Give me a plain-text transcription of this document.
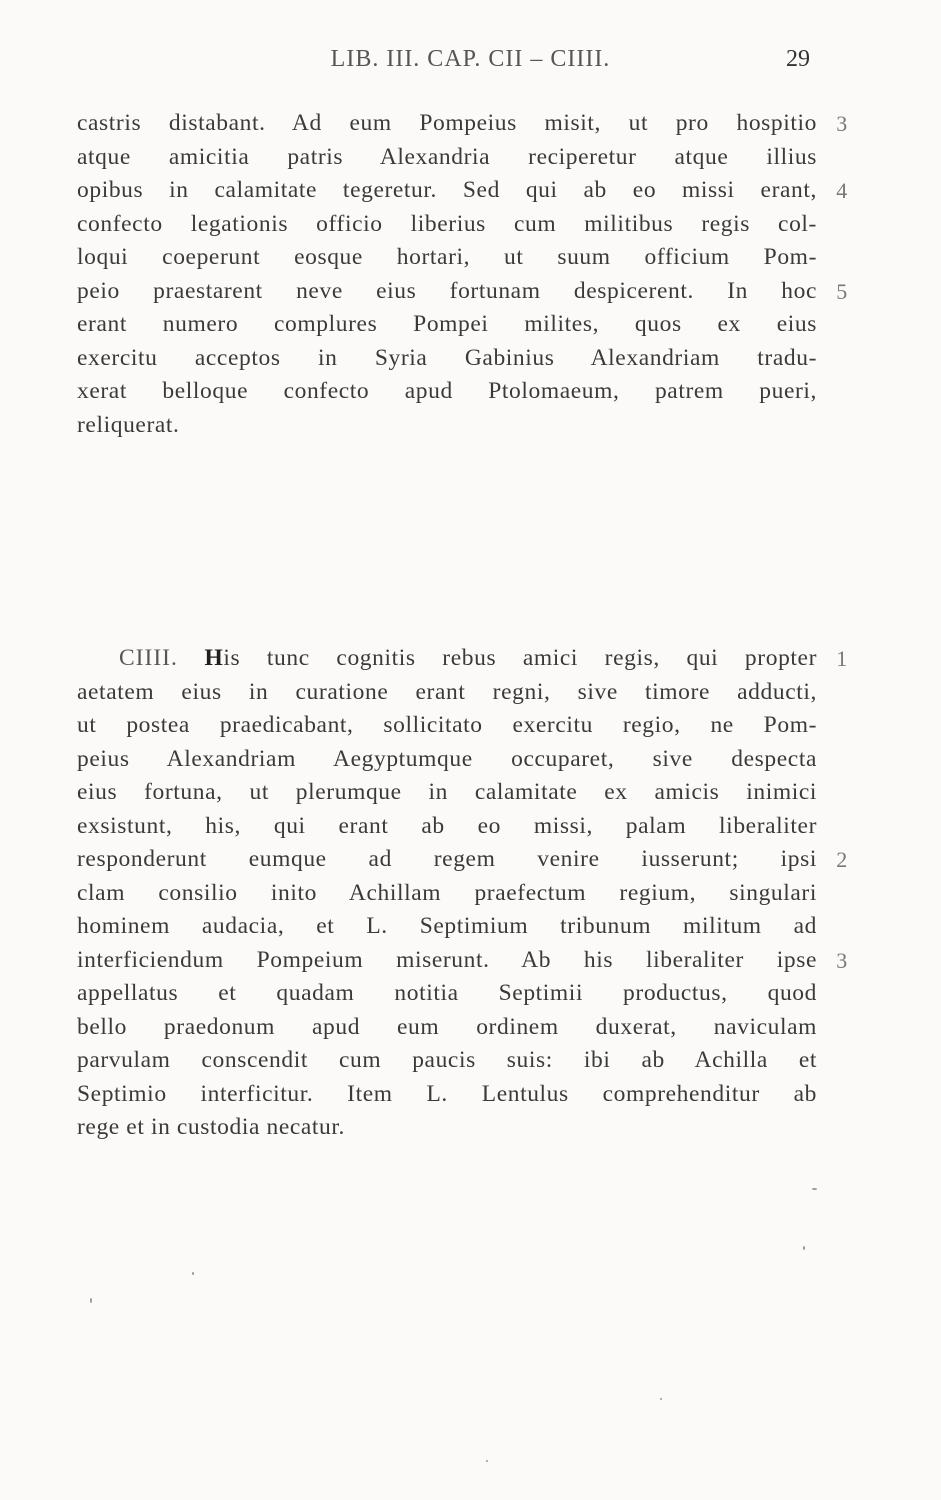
LIB. III. CAP. CII – CIIII.	29
castris distabant. Ad eum Pompeius misit, ut pro hospitio 3
atque amicitia patris Alexandria reciperetur atque illius
opibus in calamitate tegeretur. Sed qui ab eo missi erant, 4
confecto legationis officio liberius cum militibus regis col-
loqui coeperunt eosque hortari, ut suum officium Pom-
peio praestarent neve eius fortunam despicerent. In hoc 5
erant numero complures Pompei milites, quos ex eius
exercitu acceptos in Syria Gabinius Alexandriam tradu-
xerat belloque confecto apud Ptolomaeum, patrem pueri,
reliquerat.
CIIII. His tunc cognitis rebus amici regis, qui propter 1
aetatem eius in curatione erant regni, sive timore adducti,
ut postea praedicabant, sollicitato exercitu regio, ne Pom-
peius Alexandriam Aegyptumque occuparet, sive despecta
eius fortuna, ut plerumque in calamitate ex amicis inimici
exsistunt, his, qui erant ab eo missi, palam liberaliter
responderunt eumque ad regem venire iusserunt; ipsi 2
clam consilio inito Achillam praefectum regium, singulari
hominem audacia, et L. Septimium tribunum militum ad
interficiendum Pompeium miserunt. Ab his liberaliter ipse 3
appellatus et quadam notitia Septimii productus, quod
bello praedonum apud eum ordinem duxerat, naviculam
parvulam conscendit cum paucis suis: ibi ab Achilla et
Septimio interficitur. Item L. Lentulus comprehenditur ab
rege et in custodia necatur.
